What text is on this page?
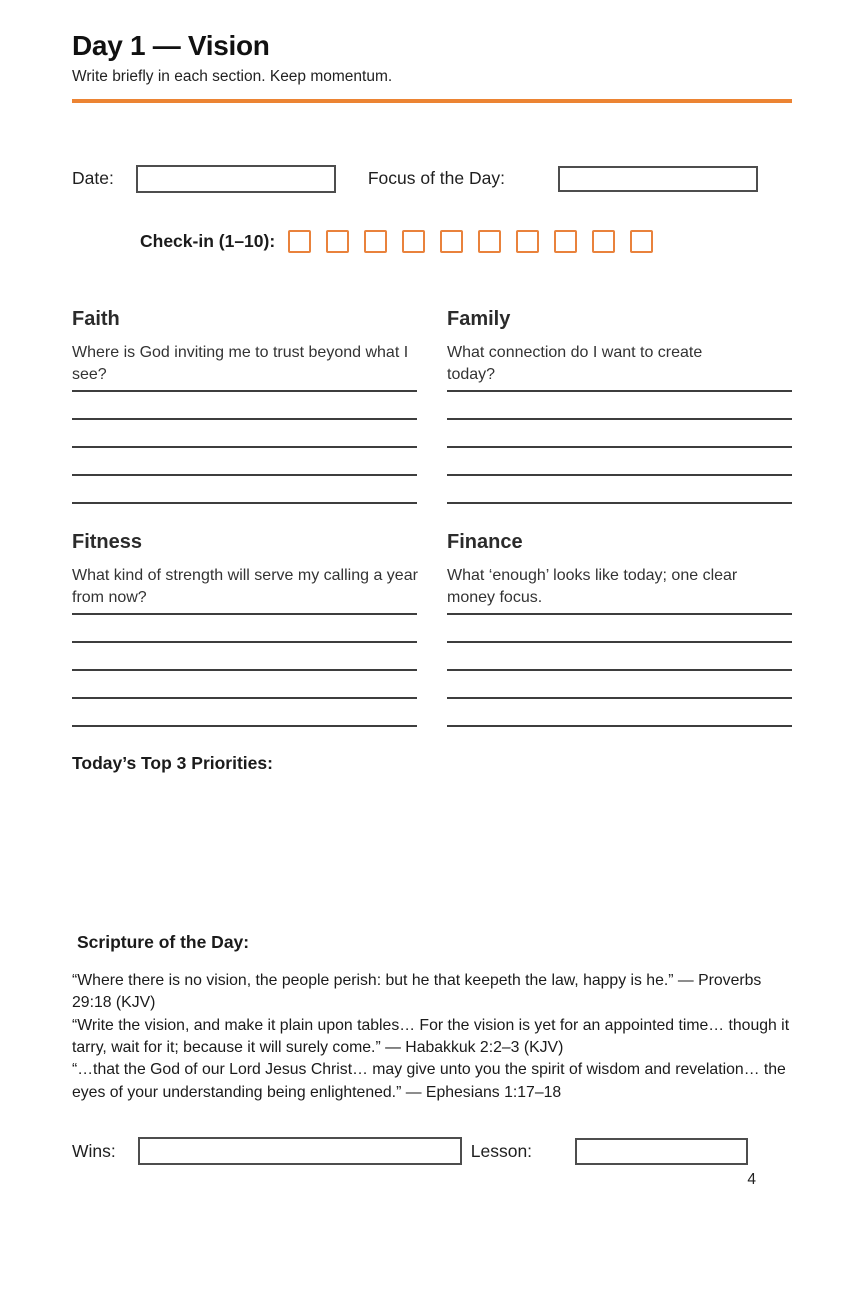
Day 1 — Vision
Write briefly in each section. Keep momentum.
Date:	Focus of the Day:
Check-in (1–10):
Faith
Where is God inviting me to trust beyond what I see?
Family
What connection do I want to create today?
Fitness
What kind of strength will serve my calling a year from now?
Finance
What ‘enough’ looks like today; one clear money focus.
Today’s Top 3 Priorities:
Scripture of the Day:

“Where there is no vision, the people perish: but he that keepeth the law, happy is he.” — Proverbs 29:18 (KJV)

“Write the vision, and make it plain upon tables… For the vision is yet for an appointed time… though it tarry, wait for it; because it will surely come.” — Habakkuk 2:2–3 (KJV)

“…that the God of our Lord Jesus Christ… may give unto you the spirit of wisdom and revelation… the eyes of your understanding being enlightened.” — Ephesians 1:17–18

Wins:	Lesson:
4
